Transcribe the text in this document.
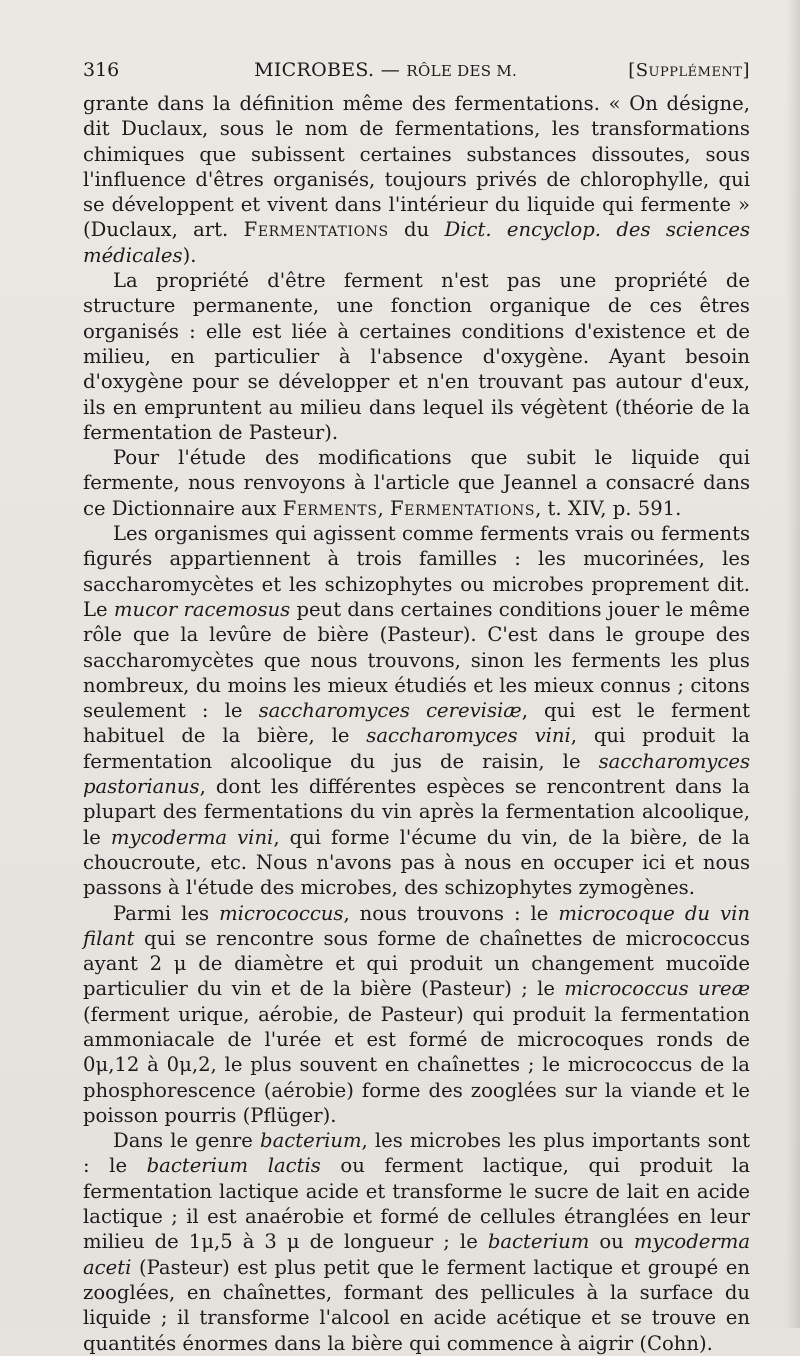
316	MICROBES. — RÔLE DES M.	[Supplément]

grante dans la définition même des fermentations. « On désigne, dit Duclaux, sous le nom de fermentations, les transformations chimiques que subissent certaines substances dissoutes, sous l'influence d'êtres organisés, toujours privés de chlorophylle, qui se développent et vivent dans l'intérieur du liquide qui fermente » (Duclaux, art. Fermentations du Dict. encyclop. des sciences médicales).

La propriété d'être ferment n'est pas une propriété de structure permanente, une fonction organique de ces êtres organisés : elle est liée à certaines conditions d'existence et de milieu, en particulier à l'absence d'oxygène. Ayant besoin d'oxygène pour se développer et n'en trouvant pas autour d'eux, ils en empruntent au milieu dans lequel ils végètent (théorie de la fermentation de Pasteur).

Pour l'étude des modifications que subit le liquide qui fermente, nous renvoyons à l'article que Jeannel a consacré dans ce Dictionnaire aux Ferments, Fermentations, t. XIV, p. 591.

Les organismes qui agissent comme ferments vrais ou ferments figurés appartiennent à trois familles : les mucorinées, les saccharomycètes et les schizophytes ou microbes proprement dit. Le mucor racemosus peut dans certaines conditions jouer le même rôle que la levûre de bière (Pasteur). C'est dans le groupe des saccharomycètes que nous trouvons, sinon les ferments les plus nombreux, du moins les mieux étudiés et les mieux connus ; citons seulement : le saccharomyces cerevisiæ, qui est le ferment habituel de la bière, le saccharomyces vini, qui produit la fermentation alcoolique du jus de raisin, le saccharomyces pastorianus, dont les différentes espèces se rencontrent dans la plupart des fermentations du vin après la fermentation alcoolique, le mycoderma vini, qui forme l'écume du vin, de la bière, de la choucroute, etc. Nous n'avons pas à nous en occuper ici et nous passons à l'étude des microbes, des schizophytes zymogènes.

Parmi les micrococcus, nous trouvons : le microcoque du vin filant qui se rencontre sous forme de chaînettes de micrococcus ayant 2 μ de diamètre et qui produit un changement mucoïde particulier du vin et de la bière (Pasteur) ; le micrococcus ureæ (ferment urique, aérobie, de Pasteur) qui produit la fermentation ammoniacale de l'urée et est formé de microcoques ronds de 0μ,12 à 0μ,2, le plus souvent en chaînettes ; le micrococcus de la phosphorescence (aérobie) forme des zooglées sur la viande et le poisson pourris (Pflüger).

Dans le genre bacterium, les microbes les plus importants sont : le bacterium lactis ou ferment lactique, qui produit la fermentation lactique acide et transforme le sucre de lait en acide lactique ; il est anaérobie et formé de cellules étranglées en leur milieu de 1μ,5 à 3 μ de longueur ; le bacterium ou mycoderma aceti (Pasteur) est plus petit que le ferment lactique et groupé en zooglées, en chaînettes, formant des pellicules à la surface du liquide ; il transforme l'alcool en acide acétique et se trouve en quantités énormes dans la bière qui commence à aigrir (Cohn).
